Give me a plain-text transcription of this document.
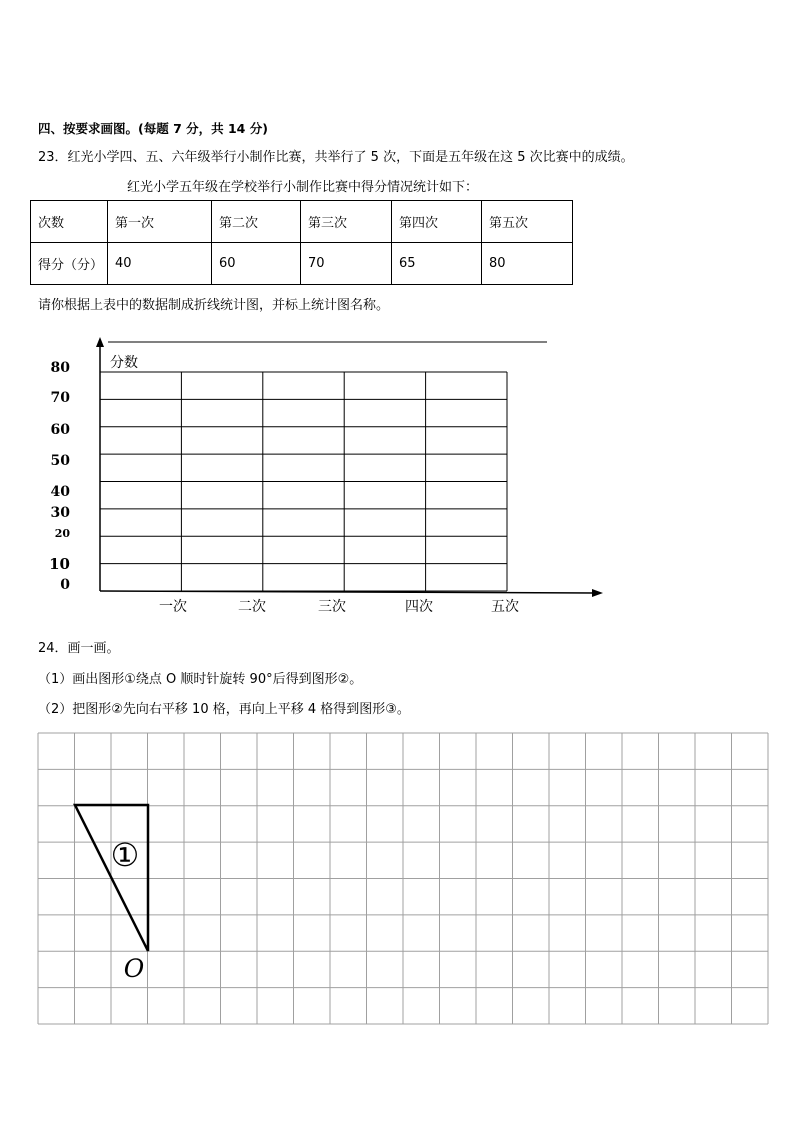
四、按要求画图。(每题 7 分，共 14 分)
23．红光小学四、五、六年级举行小制作比赛，共举行了 5 次，下面是五年级在这 5 次比赛中的成绩。
红光小学五年级在学校举行小制作比赛中得分情况统计如下：
次数	第一次	第二次	第三次	第四次	第五次
得分（分）	40	60	70	65	80
请你根据上表中的数据制成折线统计图，并标上统计图名称。
分数
80
70
60
50
40
30
20
10
0
一次	二次	三次	四次	五次
24．画一画。
（1）画出图形①绕点 O 顺时针旋转 90°后得到图形②。
（2）把图形②先向右平移 10 格，再向上平移 4 格得到图形③。
①
O
